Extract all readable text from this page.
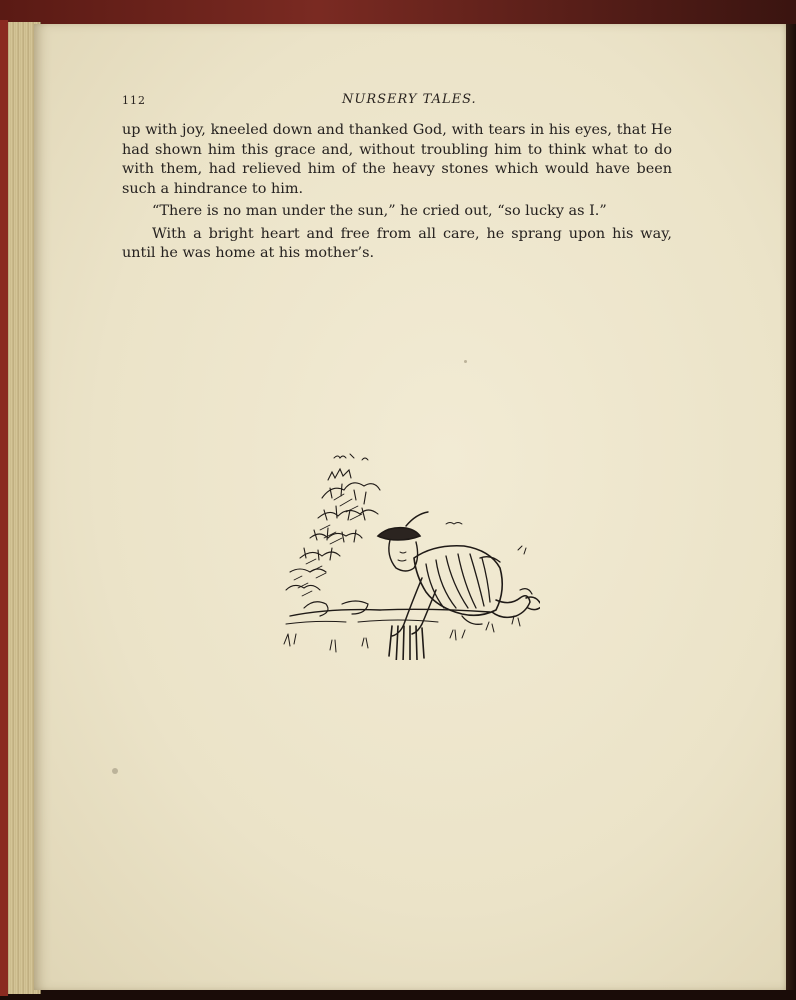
112	NURSERY TALES.

up with joy, kneeled down and thanked God, with tears in his eyes, that He had shown him this grace and, without troubling him to think what to do with them, had relieved him of the heavy stones which would have been such a hindrance to him.

“There is no man under the sun,” he cried out, “so lucky as I.”

With a bright heart and free from all care, he sprang upon his way, until he was home at his mother’s.
